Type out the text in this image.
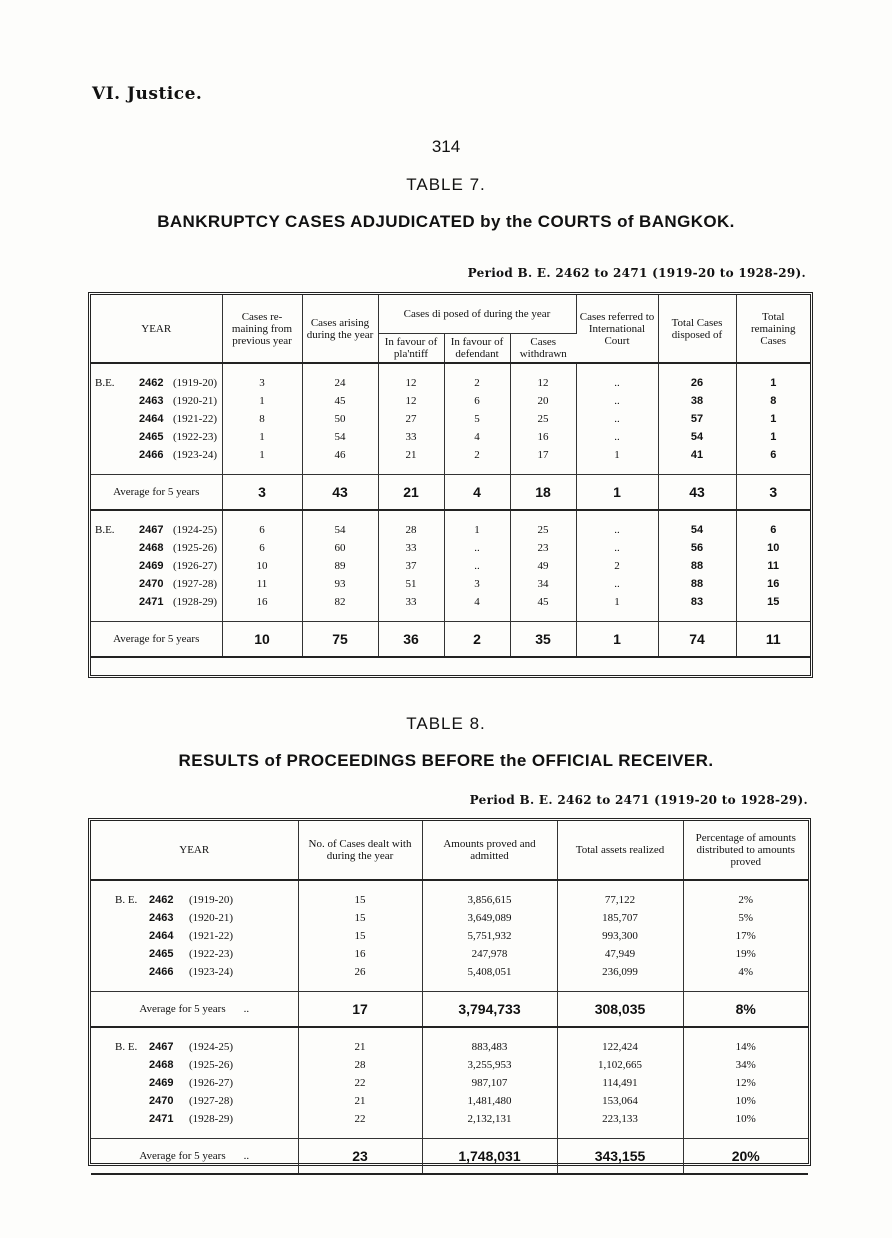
VI. Justice.
314
TABLE 7.
BANKRUPTCY CASES ADJUDICATED by the COURTS of BANGKOK.
Period B. E. 2462 to 2471 (1919-20 to 1928-29).
YEAR	Cases re-maining from previous year	Cases arising during the year	Cases di posed of during the year			Cases referred to International Court	Total Cases disposed of	Total remaining Cases
			In favour of pla'ntiff	In favour of defendant	Cases withdrawn			

B.E. 2462 (1919-20)	3	24	12	2	12	..	26	1
2463 (1920-21)	1	45	12	6	20	..	38	8
2464 (1921-22)	8	50	27	5	25	..	57	1
2465 (1922-23)	1	54	33	4	16	..	54	1
2466 (1923-24)	1	46	21	2	17	1	41	6

Average for 5 years	3	43	21	4	18	1	43	3

B.E. 2467 (1924-25)	6	54	28	1	25	..	54	6
2468 (1925-26)	6	60	33	..	23	..	56	10
2469 (1926-27)	10	89	37	..	49	2	88	11
2470 (1927-28)	11	93	51	3	34	..	88	16
2471 (1928-29)	16	82	33	4	45	1	83	15

Average for 5 years	10	75	36	2	35	1	74	11
TABLE 8.
RESULTS of PROCEEDINGS BEFORE the OFFICIAL RECEIVER.
Period B. E. 2462 to 2471 (1919-20 to 1928-29).
YEAR	No. of Cases dealt with during the year	Amounts proved and admitted	Total assets realized	Percentage of amounts distributed to amounts proved

B. E. 2462 (1919-20)	15	3,856,615	77,122	2%
2463 (1920-21)	15	3,649,089	185,707	5%
2464 (1921-22)	15	5,751,932	993,300	17%
2465 (1922-23)	16	247,978	47,949	19%
2466 (1923-24)	26	5,408,051	236,099	4%

Average for 5 years ..	17	3,794,733	308,035	8%

B. E. 2467 (1924-25)	21	883,483	122,424	14%
2468 (1925-26)	28	3,255,953	1,102,665	34%
2469 (1926-27)	22	987,107	114,491	12%
2470 (1927-28)	21	1,481,480	153,064	10%
2471 (1928-29)	22	2,132,131	223,133	10%

Average for 5 years ..	23	1,748,031	343,155	20%
